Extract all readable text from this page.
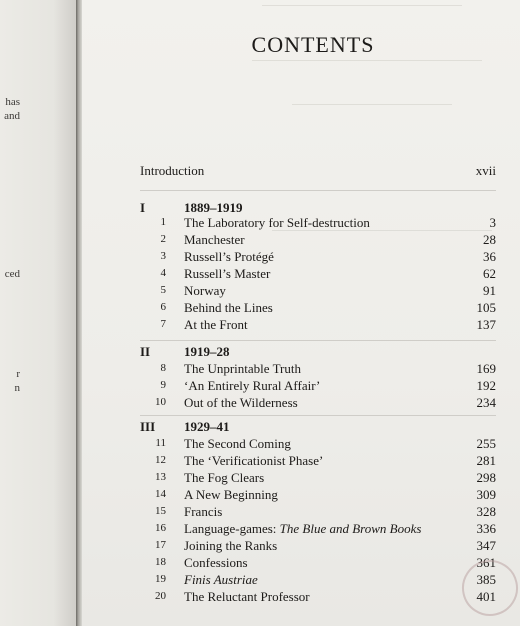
has
and
ced
r
n
CONTENTS
Introduction	xvii
I	1889–1919
1 The Laboratory for Self-destruction	3
2 Manchester	28
3 Russell’s Protégé	36
4 Russell’s Master	62
5 Norway	91
6 Behind the Lines	105
7 At the Front	137
II	1919–28
8 The Unprintable Truth	169
9 ‘An Entirely Rural Affair’	192
10 Out of the Wilderness	234
III 1929–41
11 The Second Coming	255
12 The ‘Verificationist Phase’	281
13 The Fog Clears	298
14 A New Beginning	309
15 Francis	328
16 Language-games: The Blue and Brown Books	336
17 Joining the Ranks	347
18 Confessions	361
19 Finis Austriae	385
20 The Reluctant Professor	401
